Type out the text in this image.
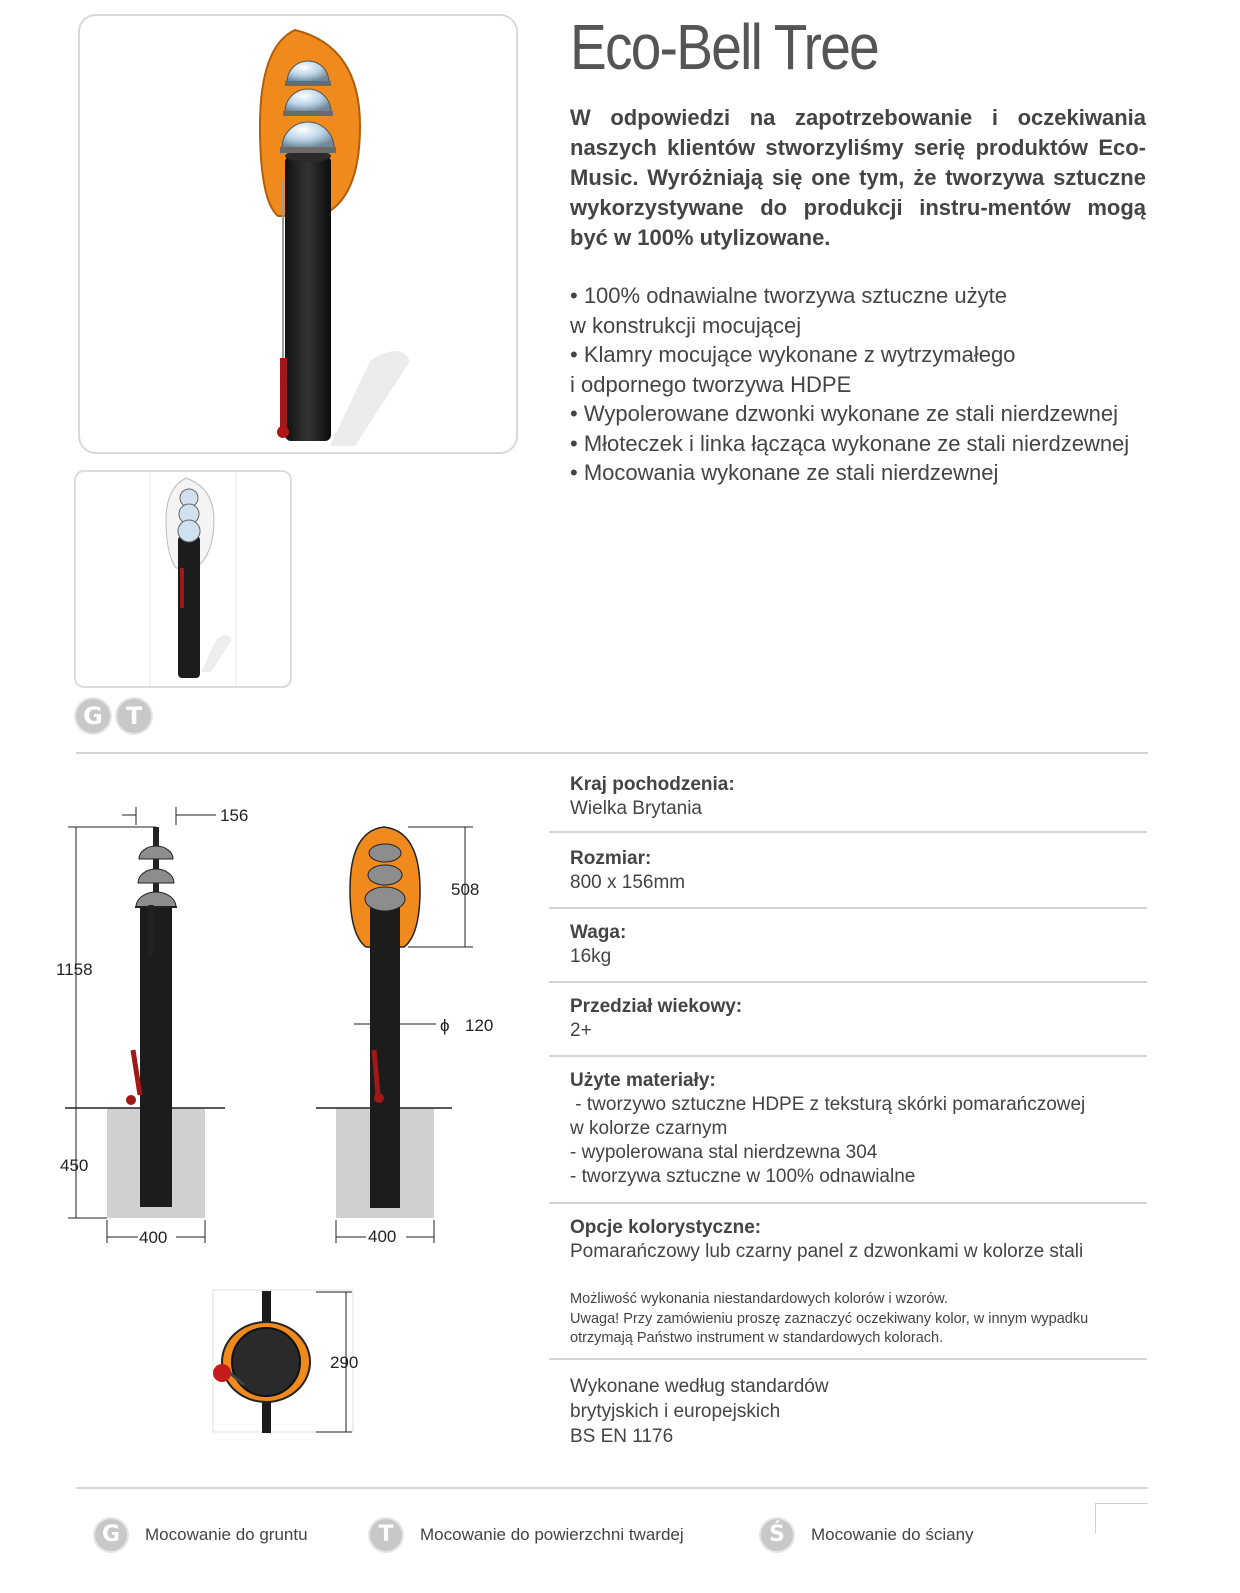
G T
Eco-Bell Tree

W odpowiedzi na zapotrzebowanie i oczekiwania naszych klientów stworzyliśmy serię produktów Eco-Music. Wyróżniają się one tym, że tworzywa sztuczne wykorzystywane do produkcji instru-mentów mogą być w 100% utylizowane.

• 100% odnawialne tworzywa sztuczne użyte
w konstrukcji mocującej
• Klamry mocujące wykonane z wytrzymałego
i odpornego tworzywa HDPE
• Wypolerowane dzwonki wykonane ze stali nierdzewnej
• Młoteczek i linka łącząca wykonane ze stali nierdzewnej
• Mocowania wykonane ze stali nierdzewnej
156
1158
450
400
508
ϕ 120
400
290
Kraj pochodzenia:
Wielka Brytania
Rozmiar:
800 x 156mm
Waga:
16kg
Przedział wiekowy:
2+
Użyte materiały:
- tworzywo sztuczne HDPE z teksturą skórki pomarańczowej
w kolorze czarnym
- wypolerowana stal nierdzewna 304
- tworzywa sztuczne w 100% odnawialne
Opcje kolorystyczne:
Pomarańczowy lub czarny panel z dzwonkami w kolorze stali
Możliwość wykonania niestandardowych kolorów i wzorów.
Uwaga! Przy zamówieniu proszę zaznaczyć oczekiwany kolor, w innym wypadku
otrzymają Państwo instrument w standardowych kolorach.
Wykonane według standardów
brytyjskich i europejskich
BS EN 1176
G	Mocowanie do gruntu	T	Mocowanie do powierzchni twardej	Ś	Mocowanie do ściany
